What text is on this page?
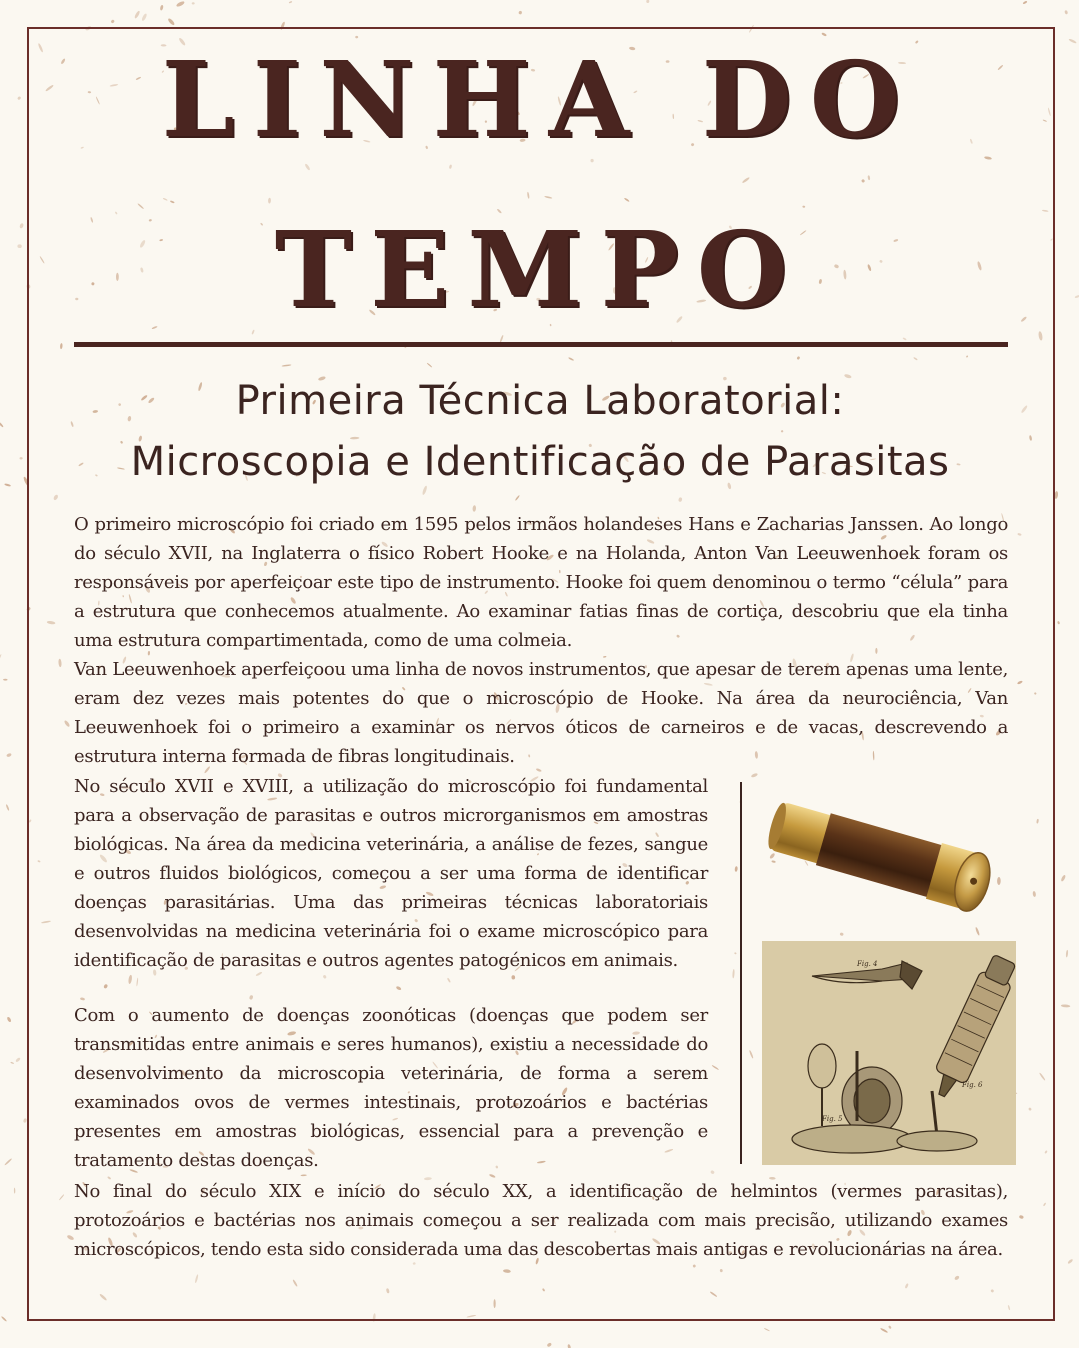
LINHA DO
TEMPO
Primeira Técnica Laboratorial:
Microscopia e Identificação de Parasitas

O primeiro microscópio foi criado em 1595 pelos irmãos holandeses Hans e Zacharias Janssen. Ao longo do século XVII, na Inglaterra o físico Robert Hooke e na Holanda, Anton Van Leeuwenhoek foram os responsáveis por aperfeiçoar este tipo de instrumento. Hooke foi quem denominou o termo “célula” para a estrutura que conhecemos atualmente. Ao examinar fatias finas de cortiça, descobriu que ela tinha uma estrutura compartimentada, como de uma colmeia.

Van Leeuwenhoek aperfeiçoou uma linha de novos instrumentos, que apesar de terem apenas uma lente, eram dez vezes mais potentes do que o microscópio de Hooke. Na área da neurociência, Van Leeuwenhoek foi o primeiro a examinar os nervos óticos de carneiros e de vacas, descrevendo a estrutura interna formada de fibras longitudinais.

No século XVII e XVIII, a utilização do microscópio foi fundamental para a observação de parasitas e outros microrganismos em amostras biológicas. Na área da medicina veterinária, a análise de fezes, sangue e outros fluidos biológicos, começou a ser uma forma de identificar doenças parasitárias. Uma das primeiras técnicas laboratoriais desenvolvidas na medicina veterinária foi o exame microscópico para identificação de parasitas e outros agentes patogénicos em animais.

Com o aumento de doenças zoonóticas (doenças que podem ser transmitidas entre animais e seres humanos), existiu a necessidade do desenvolvimento da microscopia veterinária, de forma a serem examinados ovos de vermes intestinais, protozoários e bactérias presentes em amostras biológicas, essencial para a prevenção e tratamento destas doenças.

No final do século XIX e início do século XX, a identificação de helmintos (vermes parasitas), protozoários e bactérias nos animais começou a ser realizada com mais precisão, utilizando exames microscópicos, tendo esta sido considerada uma das descobertas mais antigas e revolucionárias na área.

Fig. 4
Fig. 5
Fig. 6
